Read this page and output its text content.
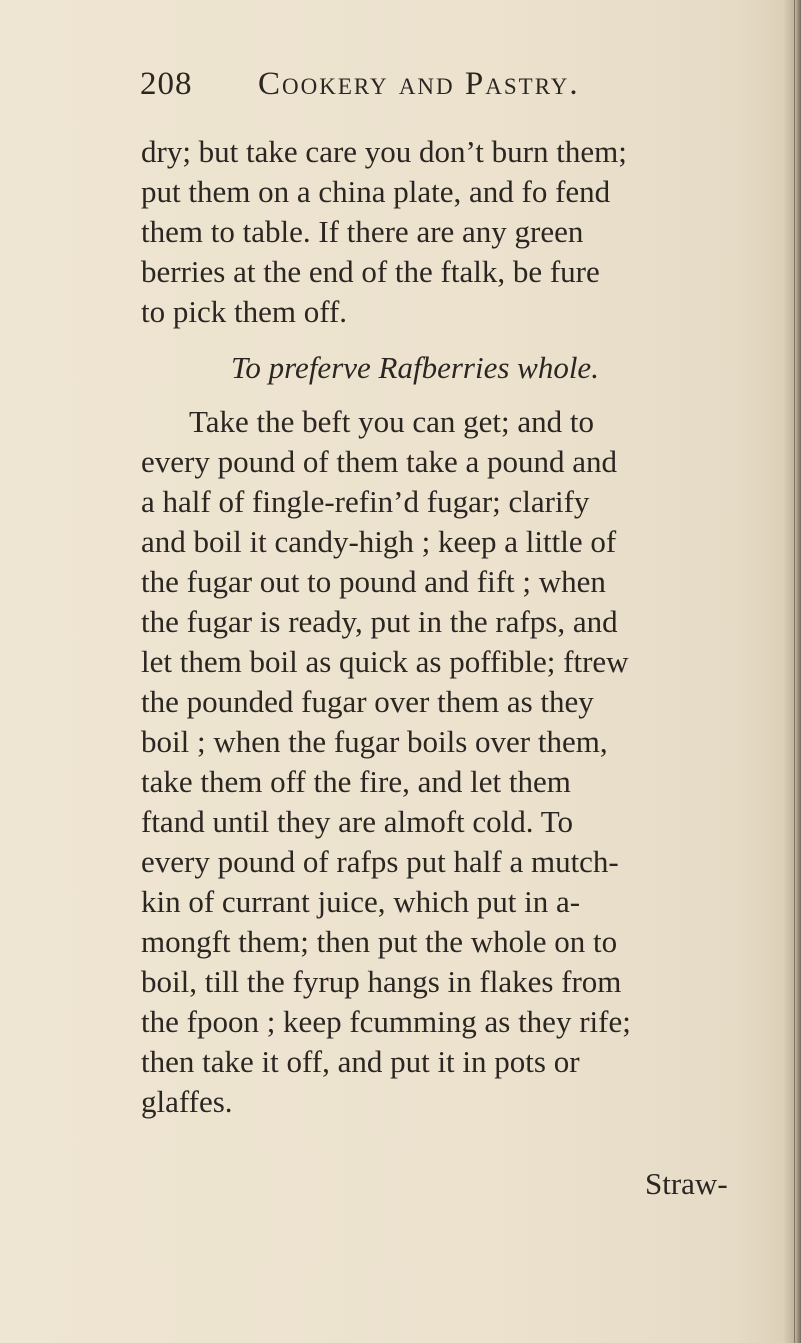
208 Cookery and Pastry.
dry; but take care you don’t burn them;
put them on a china plate, and fo fend
them to table. If there are any green
berries at the end of the ftalk, be fure
to pick them off.
To preferve Rafberries whole.
Take the beft you can get; and to
every pound of them take a pound and
a half of fingle-refin’d fugar; clarify
and boil it candy-high ; keep a little of
the fugar out to pound and fift ; when
the fugar is ready, put in the rafps, and
let them boil as quick as poffible; ftrew
the pounded fugar over them as they
boil ; when the fugar boils over them,
take them off the fire, and let them
ftand until they are almoft cold. To
every pound of rafps put half a mutch-
kin of currant juice, which put in a-
mongft them; then put the whole on to
boil, till the fyrup hangs in flakes from
the fpoon ; keep fcumming as they rife;
then take it off, and put it in pots or
glaffes.
Straw-
